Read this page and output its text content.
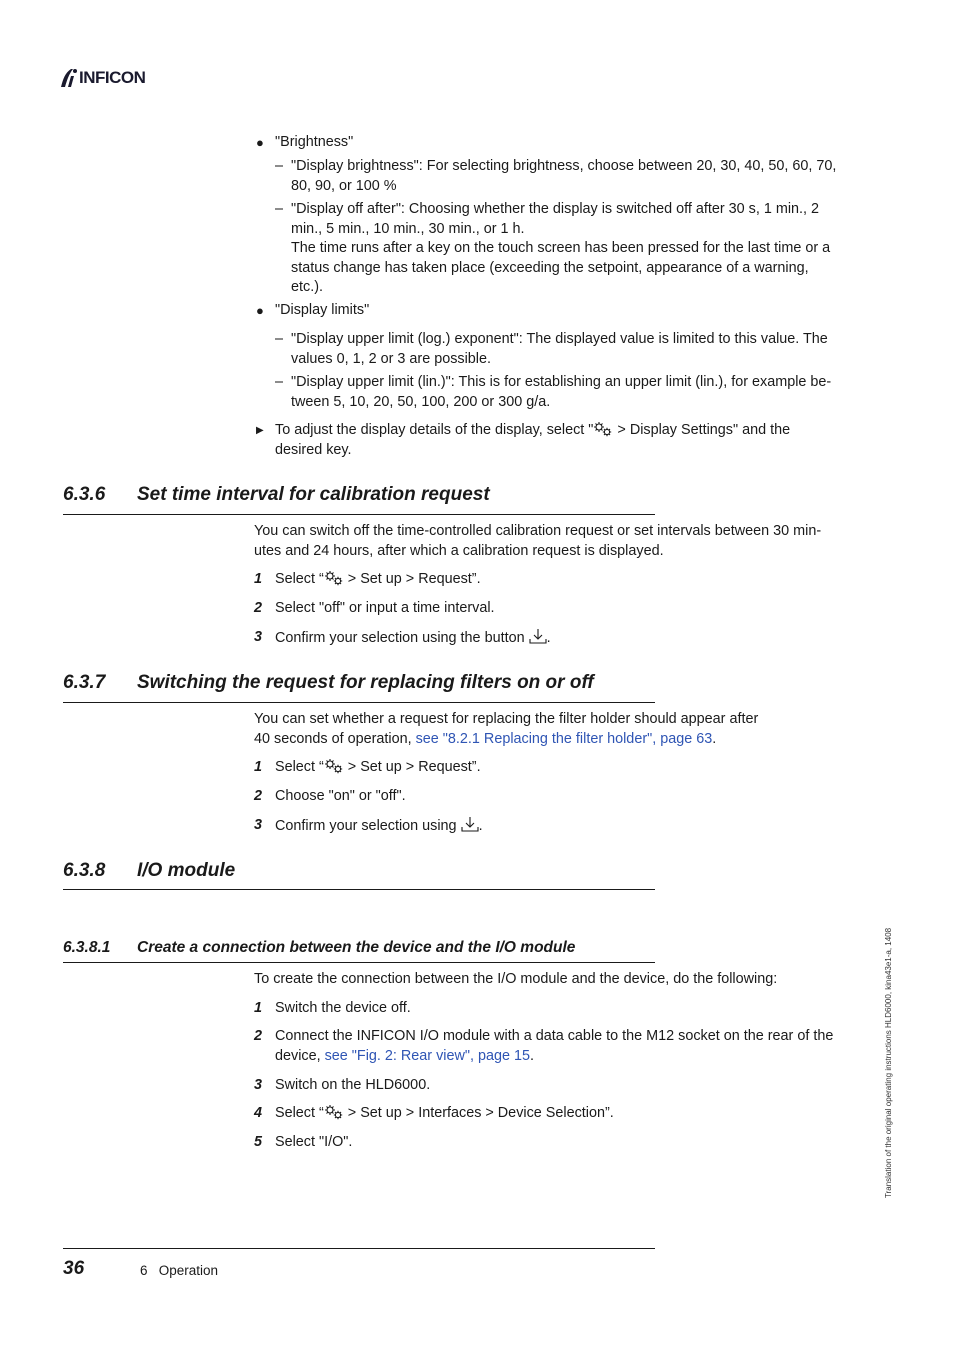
INFICON
● "Brightness"
– "Display brightness": For selecting brightness, choose between 20, 30, 40, 50, 60, 70,
80, 90, or 100 %
– "Display off after": Choosing whether the display is switched off after 30 s, 1 min., 2
min., 5 min., 10 min., 30 min., or 1 h.
The time runs after a key on the touch screen has been pressed for the last time or a
status change has taken place (exceeding the setpoint, appearance of a warning,
etc.).
● "Display limits"
– "Display upper limit (log.) exponent": The displayed value is limited to this value. The
values 0, 1, 2 or 3 are possible.
– "Display upper limit (lin.)": This is for establishing an upper limit (lin.), for example be-
tween 5, 10, 20, 50, 100, 200 or 300 g/a.
▶ To adjust the display details of the display, select " > Display Settings" and the
desired key.
6.3.6 Set time interval for calibration request
You can switch off the time-controlled calibration request or set intervals between 30 min-
utes and 24 hours, after which a calibration request is displayed.
1 Select “ > Set up > Request”.
2 Select "off" or input a time interval.
3 Confirm your selection using the button .
6.3.7 Switching the request for replacing filters on or off
You can set whether a request for replacing the filter holder should appear after
40 seconds of operation, see "8.2.1 Replacing the filter holder", page 63.
1 Select “ > Set up > Request”.
2 Choose "on" or "off".
3 Confirm your selection using .
6.3.8 I/O module
6.3.8.1 Create a connection between the device and the I/O module
To create the connection between the I/O module and the device, do the following:
1 Switch the device off.
2 Connect the INFICON I/O module with a data cable to the M12 socket on the rear of the
device, see "Fig. 2: Rear view", page 15.
3 Switch on the HLD6000.
4 Select “ > Set up > Interfaces > Device Selection”.
5 Select "I/O".	Translation of the original operating instructions HLD6000, kina43e1-a, 1408
36	6   Operation
